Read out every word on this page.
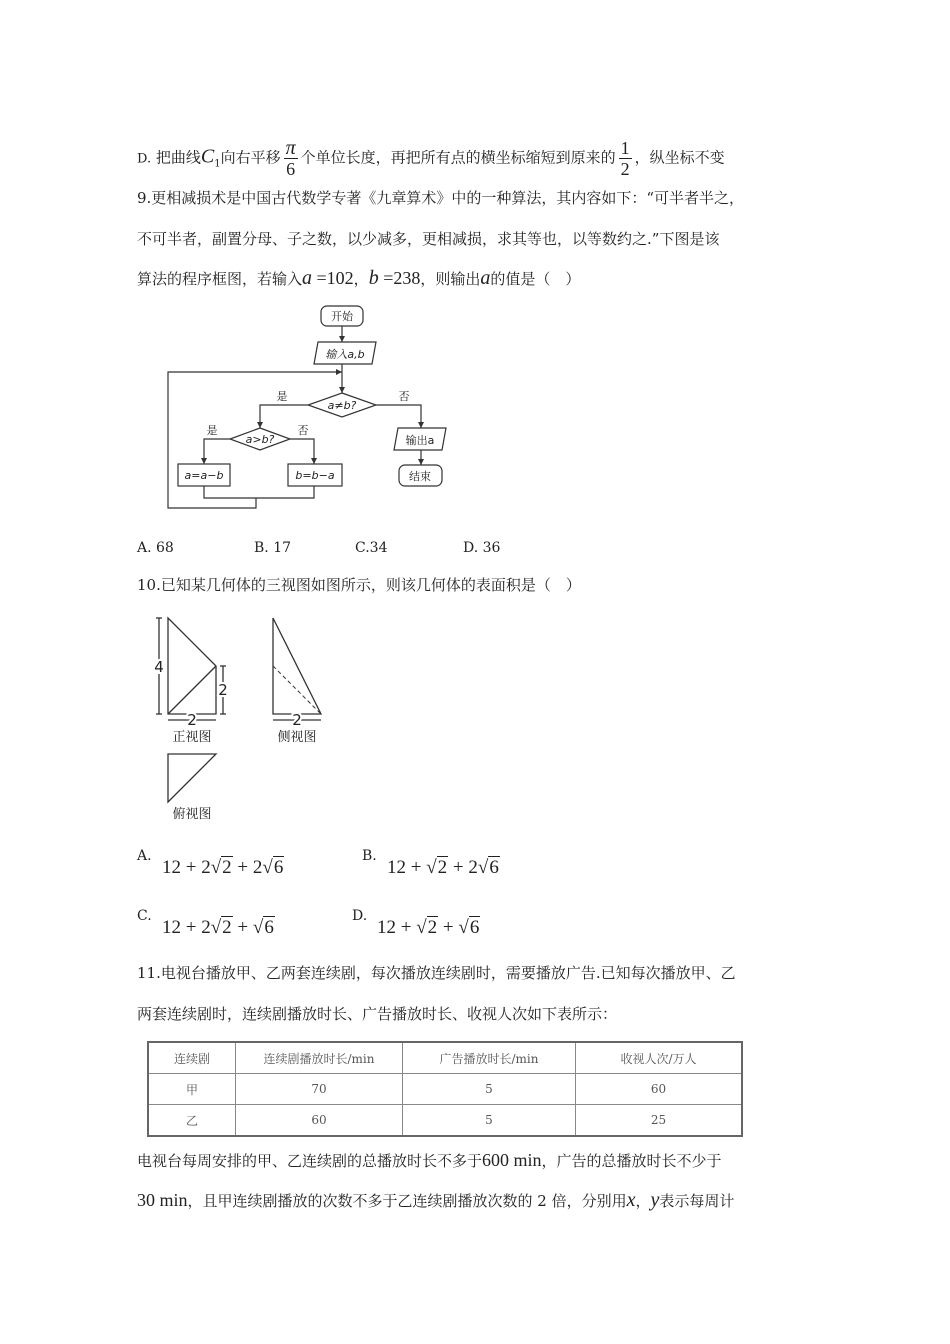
D. 把曲线$C_1$向右平移 $\frac{\pi}{6}$ 个单位长度，再把所有点的横坐标缩短到原来的 $\frac{1}{2}$ ，纵坐标不变
9.更相减损术是中国古代数学专著《九章算术》中的一种算法，其内容如下：“可半者半之，
不可半者，副置分母、子之数，以少减多，更相减损，求其等也，以等数约之.”下图是该
算法的程序框图，若输入a =102，b =238，则输出a的值是（　）
开始
输入a,b
a≠b?
是	否
a>b?
是	否
a=a−b	b=b−a
输出a
结束
A. 68	B. 17	C.34	D. 36
10.已知某几何体的三视图如图所示，则该几何体的表面积是（　）
4
2
2	2
正视图	侧视图
俯视图
A.
12 + 2√2 + 2√6
B.
12 + √2 + 2√6
C.
12 + 2√2 + √6
D.
12 + √2 + √6
11.电视台播放甲、乙两套连续剧，每次播放连续剧时，需要播放广告.已知每次播放甲、乙
两套连续剧时，连续剧播放时长、广告播放时长、收视人次如下表所示：
连续剧	连续剧播放时长/min	广告播放时长/min	收视人次/万人
甲	70	5	60
乙	60	5	25
电视台每周安排的甲、乙连续剧的总播放时长不多于600 min，广告的总播放时长不少于
30 min，且甲连续剧播放的次数不多于乙连续剧播放次数的 2 倍，分别用x，y表示每周计
